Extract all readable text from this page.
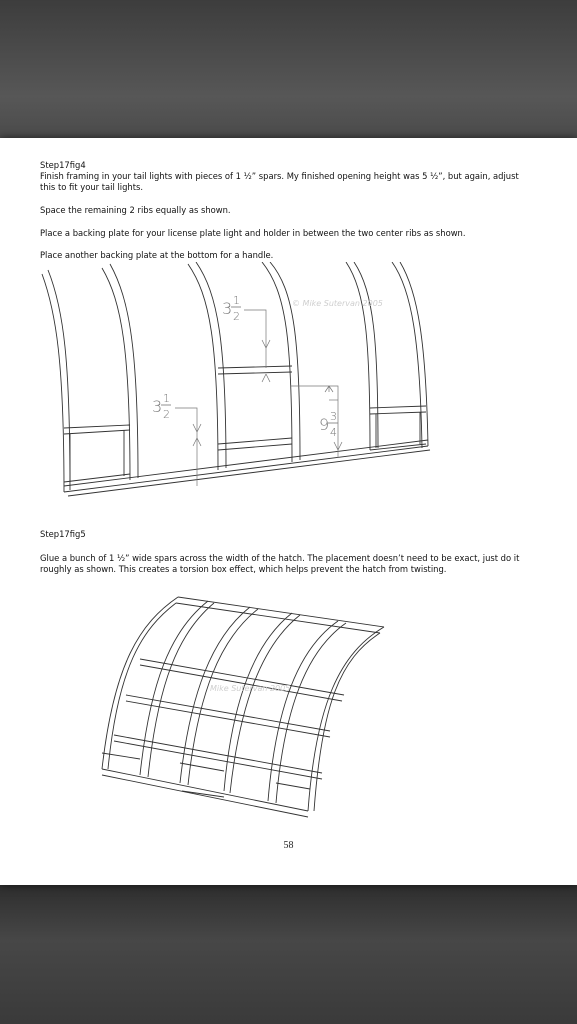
Step17fig4
Finish framing in your tail lights with pieces of 1 ½” spars. My finished opening height was 5 ½”, but again, adjust this to fit your tail lights.
Space the remaining 2 ribs equally as shown.
Place a backing plate for your license plate light and holder in between the two center ribs as shown.
Place another backing plate at the bottom for a handle.
3 1
2
3 1
2
9 3
4
© Mike Sutervan 2005
Step17fig5
Glue a bunch of 1 ½” wide spars across the width of the hatch. The placement doesn’t need to be exact, just do it roughly as shown. This creates a torsion box effect, which helps prevent the hatch from twisting.
Mike Sutervan 2005
58
